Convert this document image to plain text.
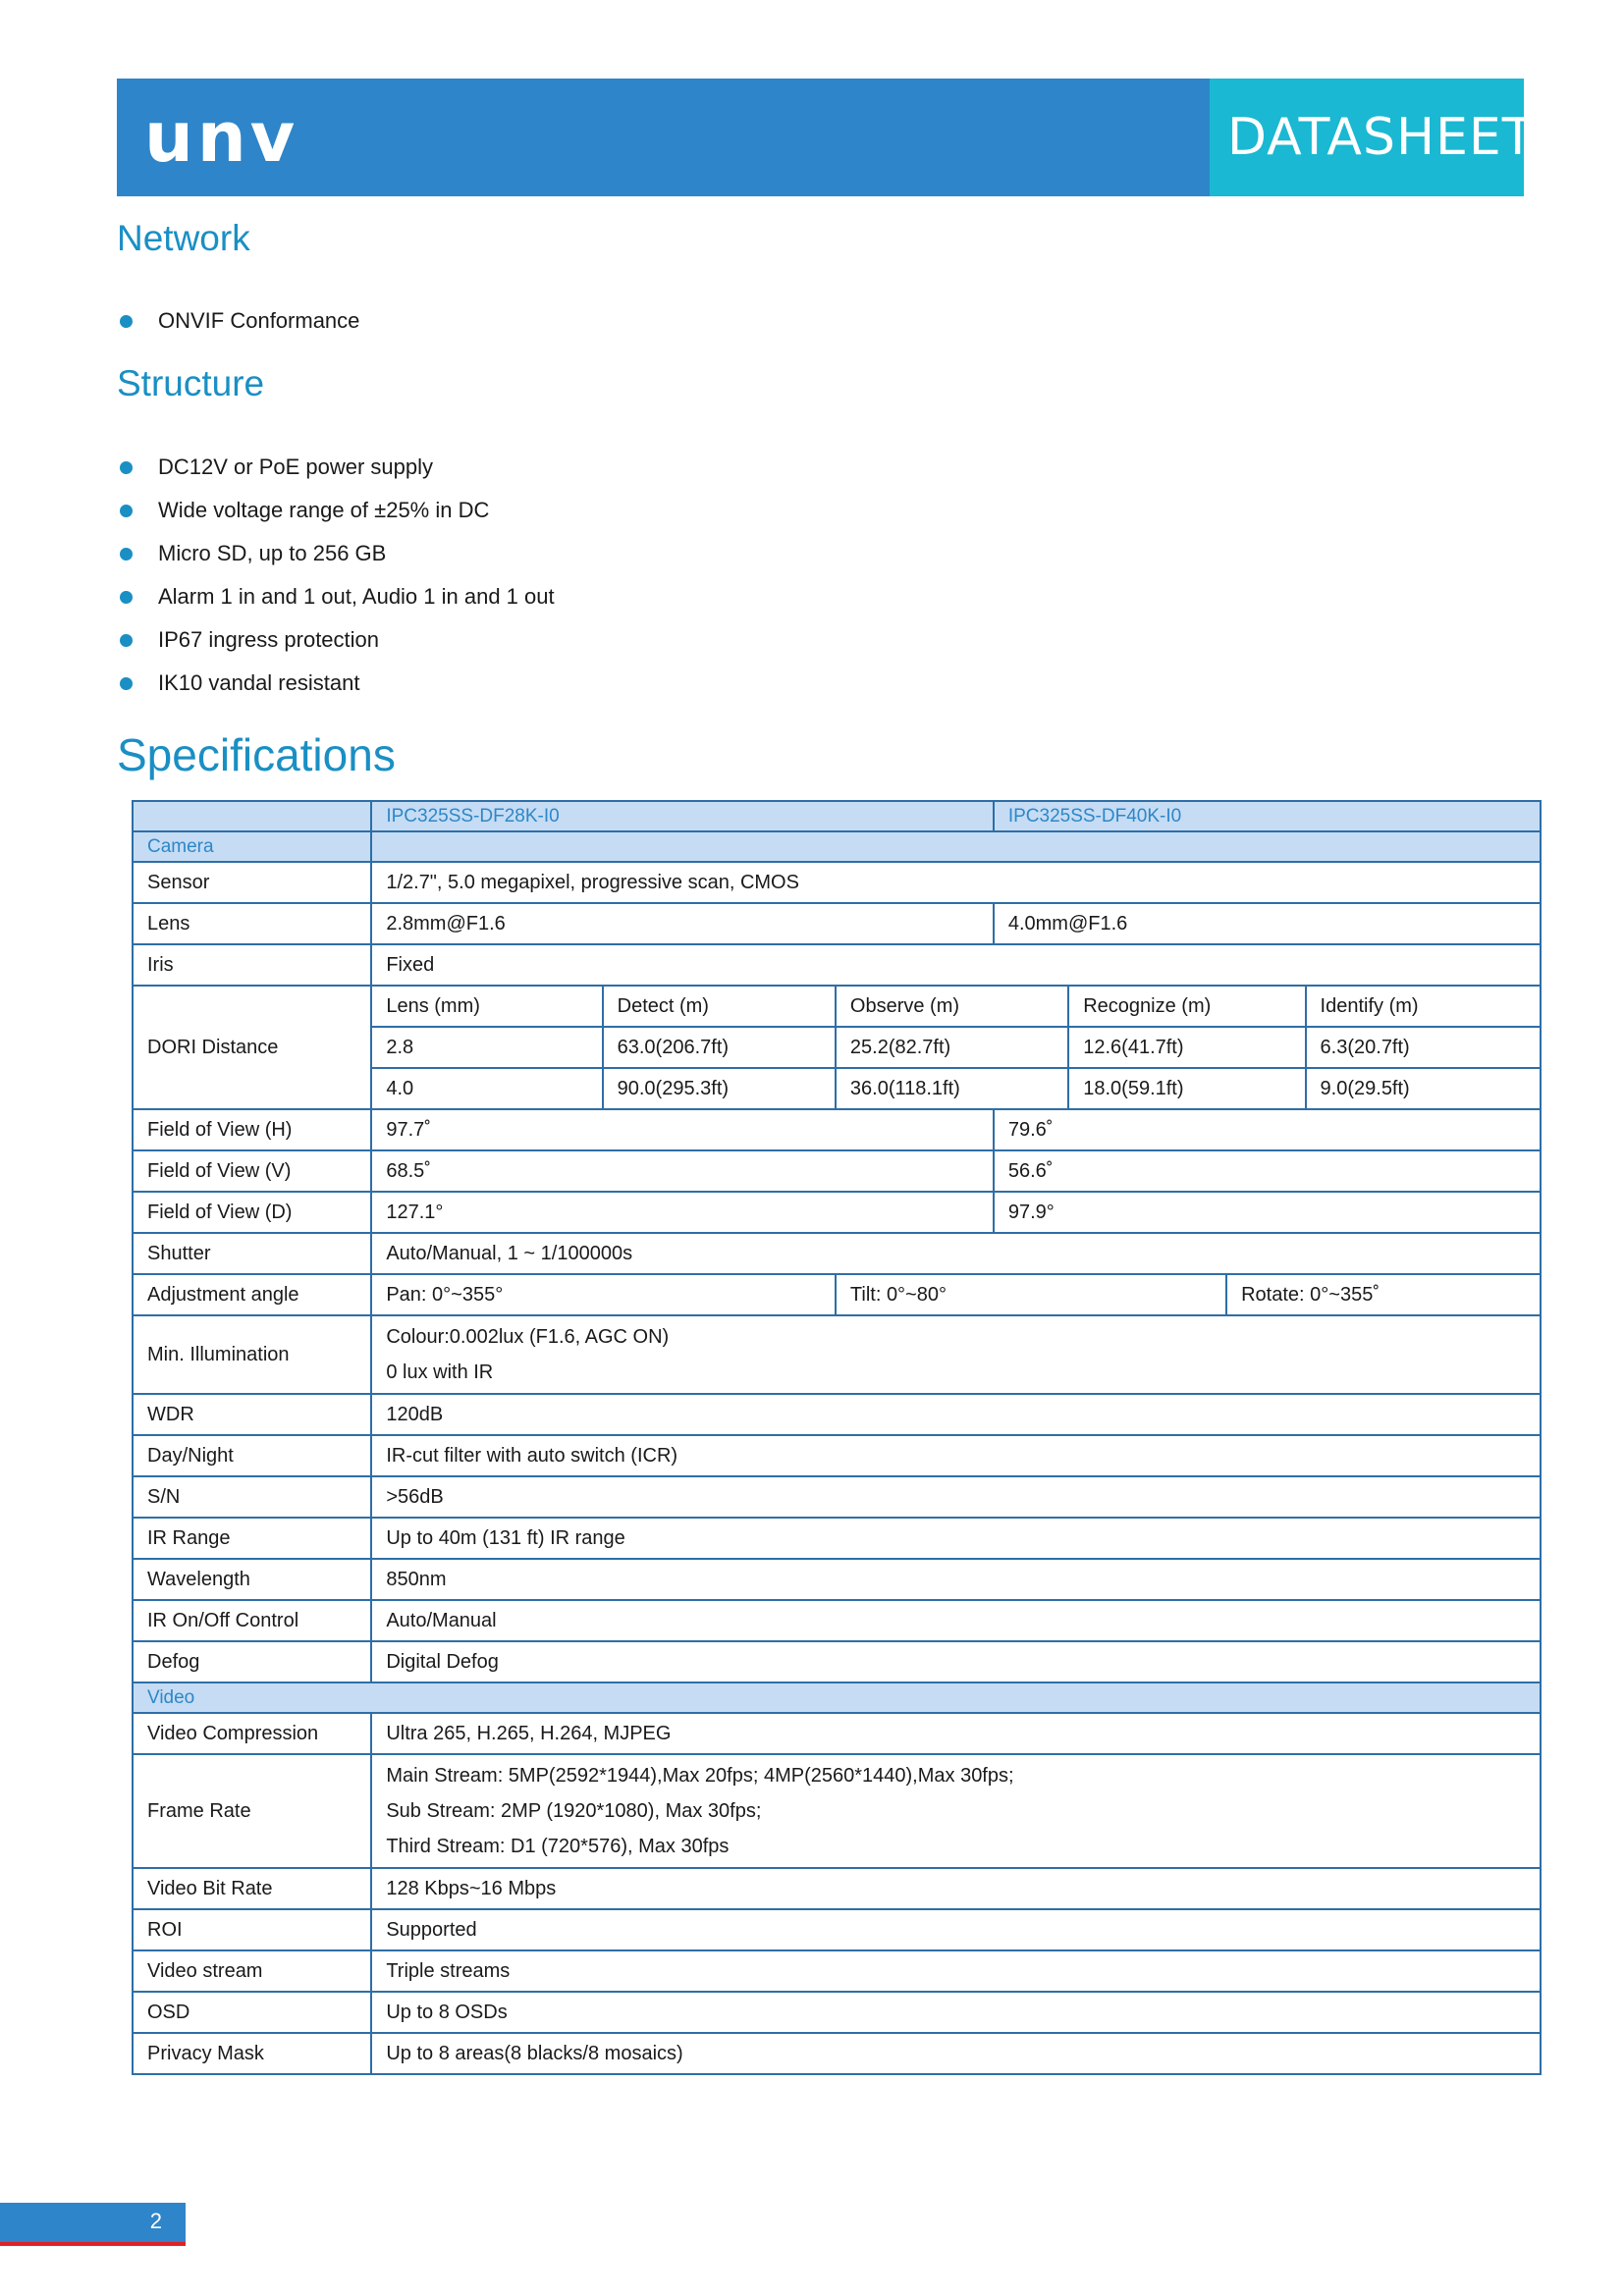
unv	DATASHEET
Network
ONVIF Conformance
Structure
DC12V or PoE power supply
Wide voltage range of ±25% in DC
Micro SD, up to 256 GB
Alarm 1 in and 1 out, Audio 1 in and 1 out
IP67 ingress protection
IK10 vandal resistant
Specifications
	IPC325SS-DF28K-I0			IPC325SS-DF40K-I0			
Camera							
Sensor	1/2.7", 5.0 megapixel, progressive scan, CMOS						
Lens	2.8mm@F1.6			4.0mm@F1.6			
Iris	Fixed						
DORI Distance	Lens (mm)	Detect (m)	Observe (m)		Recognize (m)		Identify (m)
	2.8	63.0(206.7ft)	25.2(82.7ft)		12.6(41.7ft)		6.3(20.7ft)
	4.0	90.0(295.3ft)	36.0(118.1ft)		18.0(59.1ft)		9.0(29.5ft)
Field of View (H)	97.7˚			79.6˚			
Field of View (V)	68.5˚			56.6˚			
Field of View (D)	127.1°			97.9°			
Shutter	Auto/Manual, 1 ~ 1/100000s						
Adjustment angle	Pan: 0°~355°		Tilt: 0°~80°			Rotate: 0°~355˚	
Min. Illumination	Colour:0.002lux (F1.6, AGC ON)
0 lux with IR						

WDR	120dB						
Day/Night	IR-cut filter with auto switch (ICR)						
S/N	>56dB						
IR Range	Up to 40m (131 ft) IR range						
Wavelength	850nm						
IR On/Off Control	Auto/Manual						
Defog	Digital Defog						
Video							
Video Compression	Ultra 265, H.265, H.264, MJPEG						
Frame Rate	Main Stream: 5MP(2592*1944),Max 20fps; 4MP(2560*1440),Max 30fps;
Sub Stream: 2MP (1920*1080), Max 30fps;
Third Stream: D1 (720*576), Max 30fps						

Video Bit Rate	128 Kbps~16 Mbps						
ROI	Supported						
Video stream	Triple streams						
OSD	Up to 8 OSDs						
Privacy Mask	Up to 8 areas(8 blacks/8 mosaics)						
2
